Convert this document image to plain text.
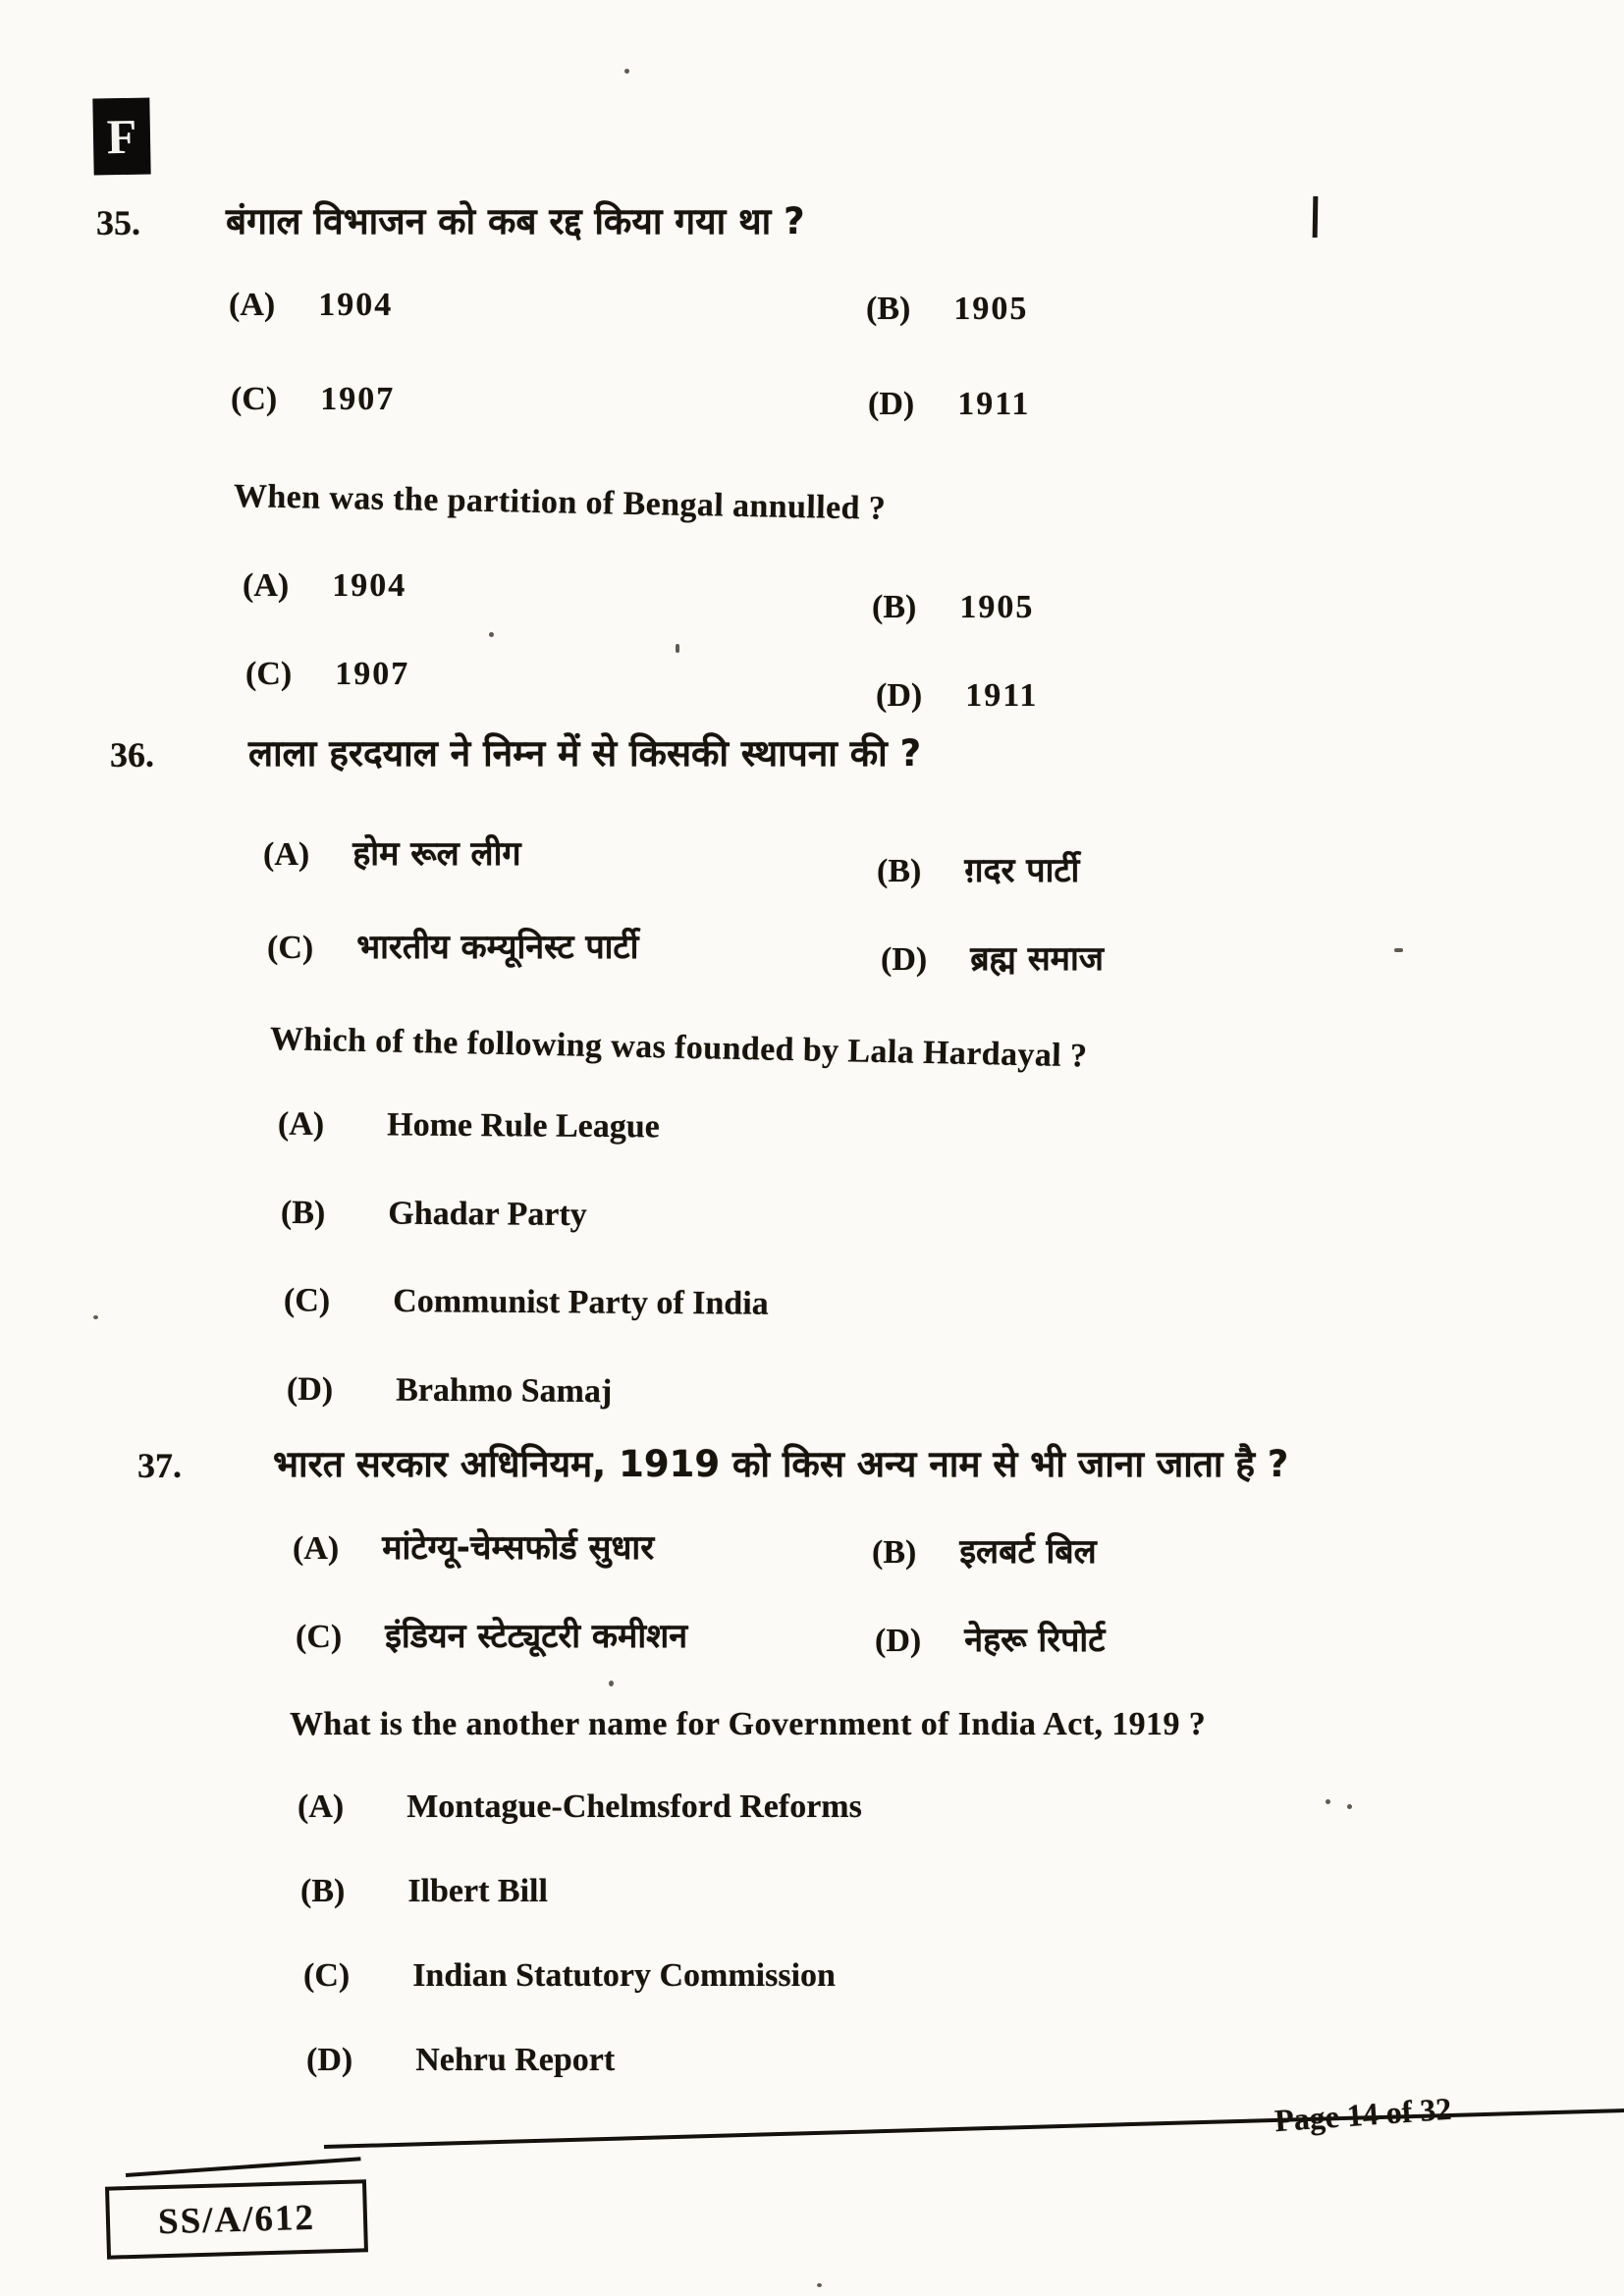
F
35. बंगाल विभाजन को कब रद्द किया गया था ?
(A) 1904	(B) 1905
(C) 1907	(D) 1911
When was the partition of Bengal annulled ?
(A) 1904
(B) 1905
(C) 1907
(D) 1911
36.	लाला हरदयाल ने निम्न में से किसकी स्थापना की ?
(A) होम रूल लीग	(B) ग़दर पार्टी
(C) भारतीय कम्यूनिस्ट पार्टी	(D) ब्रह्म समाज
Which of the following was founded by Lala Hardayal ?
(A) Home Rule League
(B) Ghadar Party
(C) Communist Party of India
(D) Brahmo Samaj
37.	भारत सरकार अधिनियम, 1919 को किस अन्य नाम से भी जाना जाता है ?
(A) मांटेग्यू-चेम्सफोर्ड सुधार	(B) इलबर्ट बिल
(C) इंडियन स्टेट्यूटरी कमीशन	(D) नेहरू रिपोर्ट
What is the another name for Government of India Act, 1919 ?
(A) Montague-Chelmsford Reforms
(B) Ilbert Bill
(C) Indian Statutory Commission
(D) Nehru Report
Page 14 of 32
SS/A/612
